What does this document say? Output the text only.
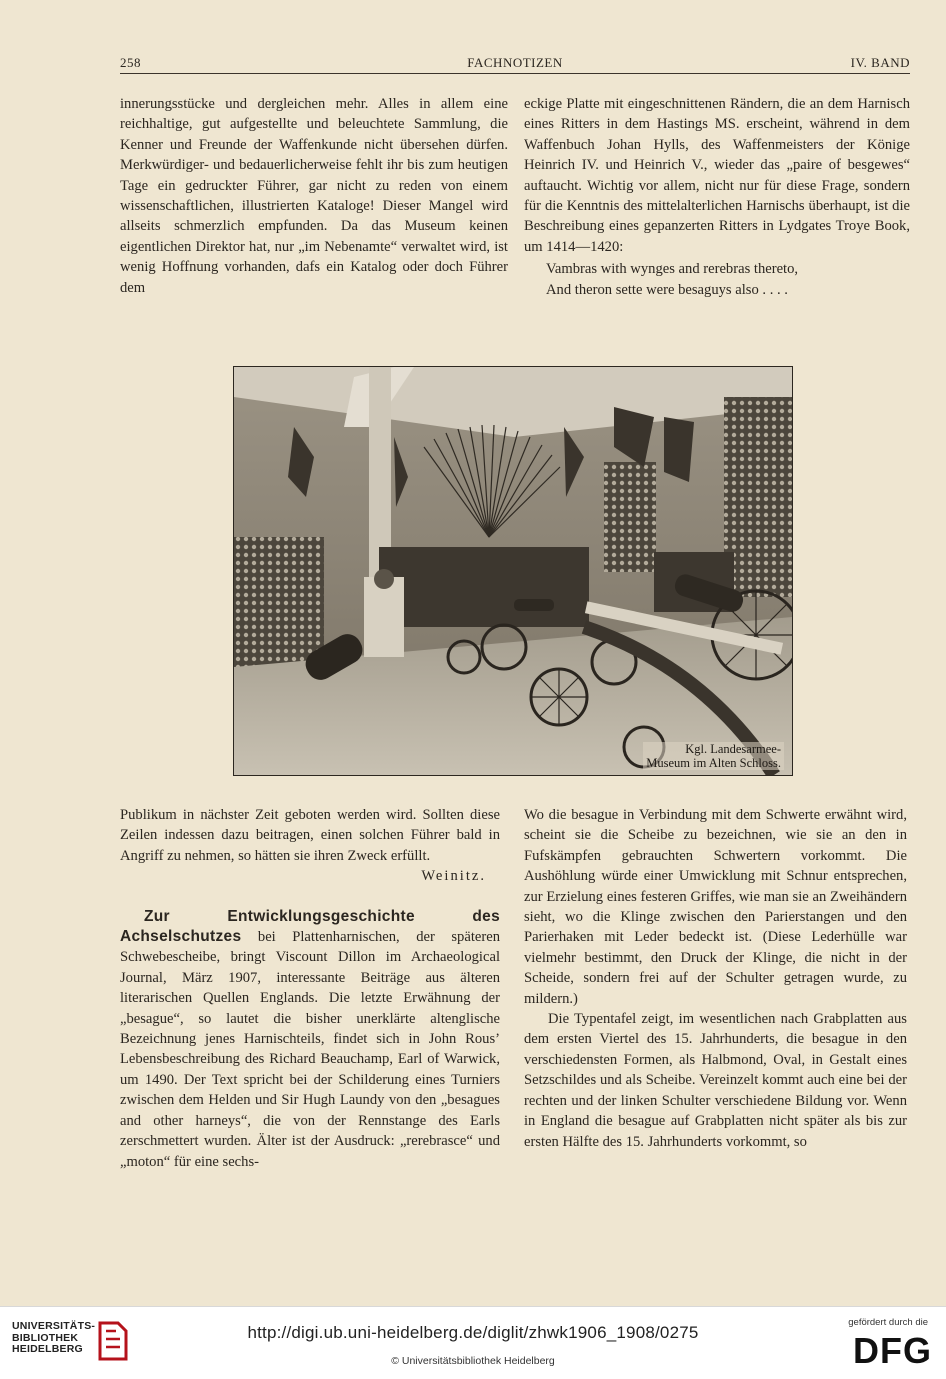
258	FACHNOTIZEN	IV. BAND

innerungsstücke und dergleichen mehr. Alles in allem eine reichhaltige, gut aufgestellte und beleuchtete Sammlung, die Kenner und Freunde der Waffenkunde nicht übersehen dürfen. Merkwürdiger- und bedauerlicherweise fehlt ihr bis zum heutigen Tage ein gedruckter Führer, gar nicht zu reden von einem wissenschaftlichen, illustrierten Kataloge! Dieser Mangel wird allseits schmerzlich empfunden. Da das Museum keinen eigentlichen Direktor hat, nur „im Nebenamte“ verwaltet wird, ist wenig Hoffnung vorhanden, dafs ein Katalog oder doch Führer dem

eckige Platte mit eingeschnittenen Rändern, die an dem Harnisch eines Ritters in dem Hastings MS. erscheint, während in dem Waffenbuch Johan Hylls, des Waffenmeisters der Könige Heinrich IV. und Heinrich V., wieder das „paire of besgewes“ auftaucht. Wichtig vor allem, nicht nur für diese Frage, sondern für die Kenntnis des mittelalterlichen Harnischs überhaupt, ist die Beschreibung eines gepanzerten Ritters in Lydgates Troye Book, um 1414—1420:

Vambras with wynges and rerebras thereto,

And theron sette were besaguys also . . . .

Kgl. Landesarmee-
Museum im Alten Schloss.

Publikum in nächster Zeit geboten werden wird. Sollten diese Zeilen indessen dazu beitragen, einen solchen Führer bald in Angriff zu nehmen, so hätten sie ihren Zweck erfüllt.

Weinitz.

Zur Entwicklungsgeschichte des Achselschutzes bei Plattenharnischen, der späteren Schwebescheibe, bringt Viscount Dillon im Archaeological Journal, März 1907, interessante Beiträge aus älteren literarischen Quellen Englands. Die letzte Erwähnung der „besague“, so lautet die bisher unerklärte altenglische Bezeichnung jenes Harnischteils, findet sich in John Rous’ Lebensbeschreibung des Richard Beauchamp, Earl of Warwick, um 1490. Der Text spricht bei der Schilderung eines Turniers zwischen dem Helden und Sir Hugh Laundy von den „besagues and other harneys“, die von der Rennstange des Earls zerschmettert wurden. Älter ist der Ausdruck: „rerebrasce“ und „moton“ für eine sechs-

Wo die besague in Verbindung mit dem Schwerte erwähnt wird, scheint sie die Scheibe zu bezeichnen, wie sie an den in Fufskämpfen gebrauchten Schwertern vorkommt. Die Aushöhlung würde einer Umwicklung mit Schnur entsprechen, zur Erzielung eines festeren Griffes, wie man sie an Zweihändern sieht, wo die Klinge zwischen den Parierstangen und den Parierhaken mit Leder bedeckt ist. (Diese Lederhülle war vielmehr bestimmt, den Druck der Klinge, die nicht in der Scheide, sondern frei auf der Schulter getragen wurde, zu mildern.)

Die Typentafel zeigt, im wesentlichen nach Grabplatten aus dem ersten Viertel des 15. Jahrhunderts, die besague in den verschiedensten Formen, als Halbmond, Oval, in Gestalt eines Setzschildes und als Scheibe. Vereinzelt kommt auch eine bei der rechten und der linken Schulter verschiedene Bildung vor. Wenn in England die besague auf Grabplatten nicht später als bis zur ersten Hälfte des 15. Jahrhunderts vorkommt, so

UNIVERSITÄTS-
BIBLIOTHEK
HEIDELBERG
http://digi.ub.uni-heidelberg.de/diglit/zhwk1906_1908/0275
© Universitätsbibliothek Heidelberg
gefördert durch die
DFG
